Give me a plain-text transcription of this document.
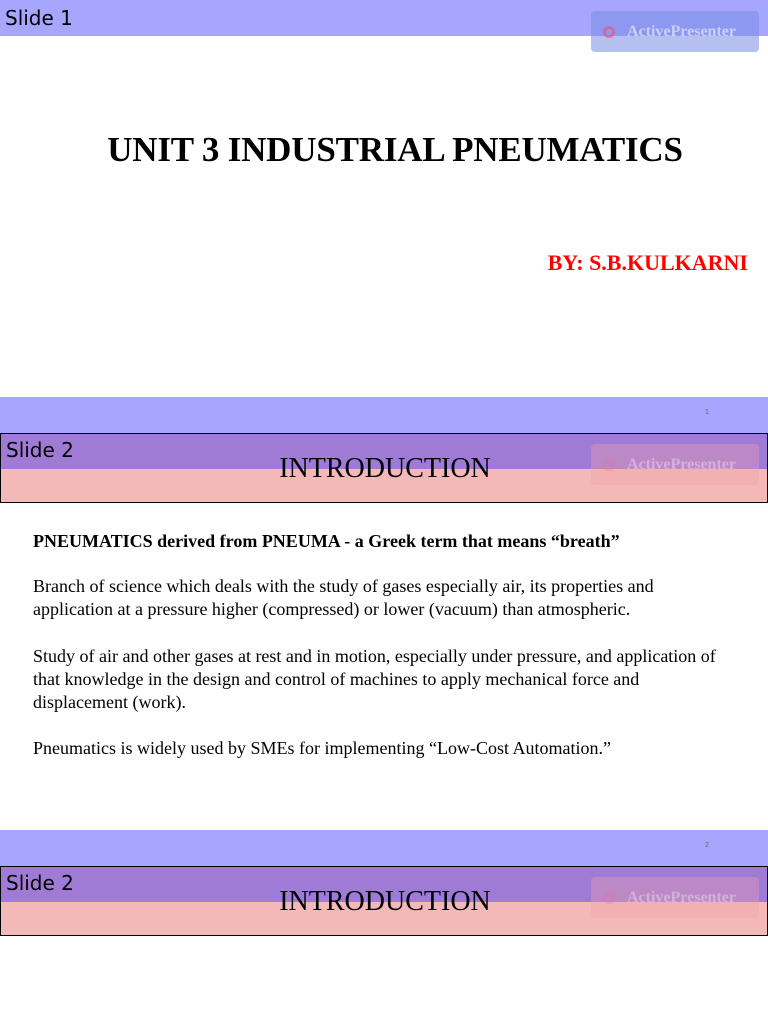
Slide 1
ActivePresenter
UNIT 3 INDUSTRIAL PNEUMATICS
BY: S.B.KULKARNI
1
Slide 2
INTRODUCTION	ActivePresenter

PNEUMATICS derived from PNEUMA - a Greek term that means “breath”

Branch of science which deals with the study of gases especially air, its properties and application at a pressure higher (compressed) or lower (vacuum) than atmospheric.

Study of air and other gases at rest and in motion, especially under pressure, and application of that knowledge in the design and control of machines to apply mechanical force and displacement (work).

Pneumatics is widely used by SMEs for implementing “Low-Cost Automation.”

2
Slide 2
INTRODUCTION	ActivePresenter
